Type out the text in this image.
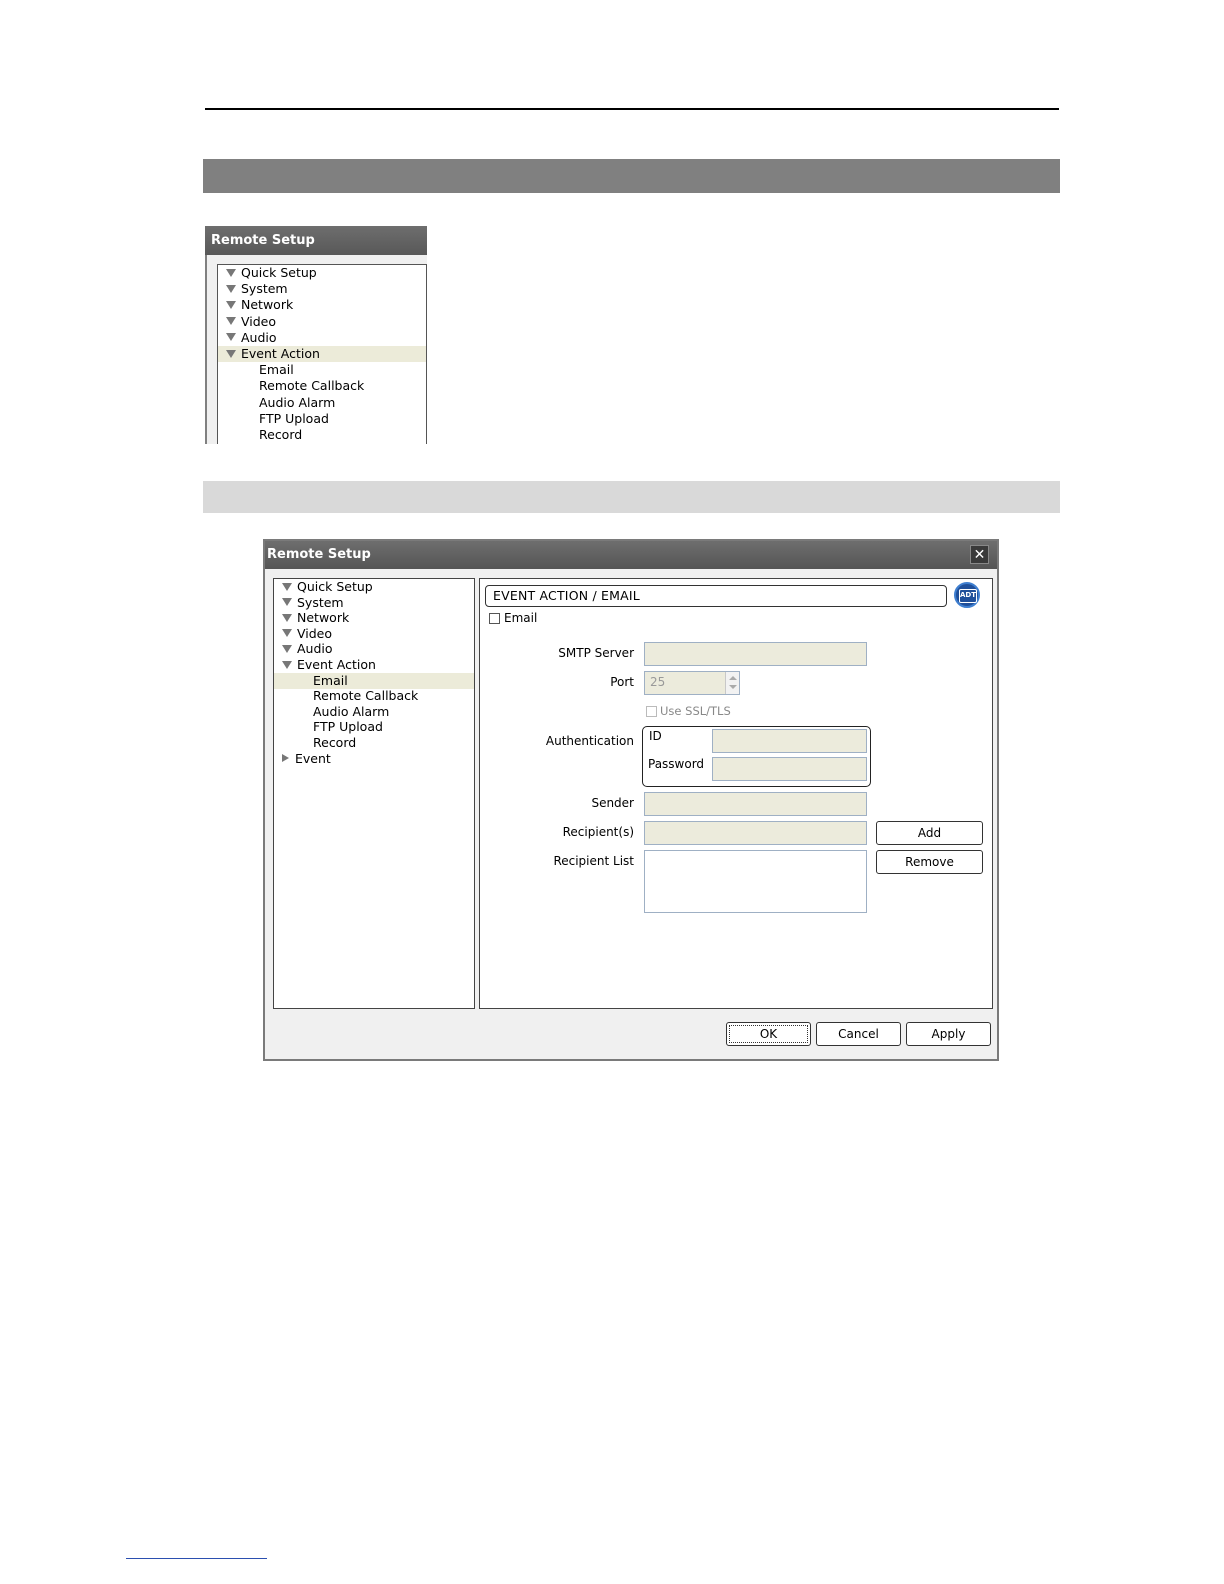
Remote Setup
Quick Setup
System
Network
Video
Audio
Event Action
Email
Remote Callback
Audio Alarm
FTP Upload
Record
Remote Setup	✕
Quick Setup
System
Network
Video
Audio
Event Action
Email
Remote Callback
Audio Alarm
FTP Upload
Record
Event
EVENT ACTION / EMAIL	ADT
Email
SMTP Server
Port	25
Use SSL/TLS
Authentication ID
Password
Sender
Recipient(s)	Add
Recipient List	Remove
OK	Cancel	Apply
